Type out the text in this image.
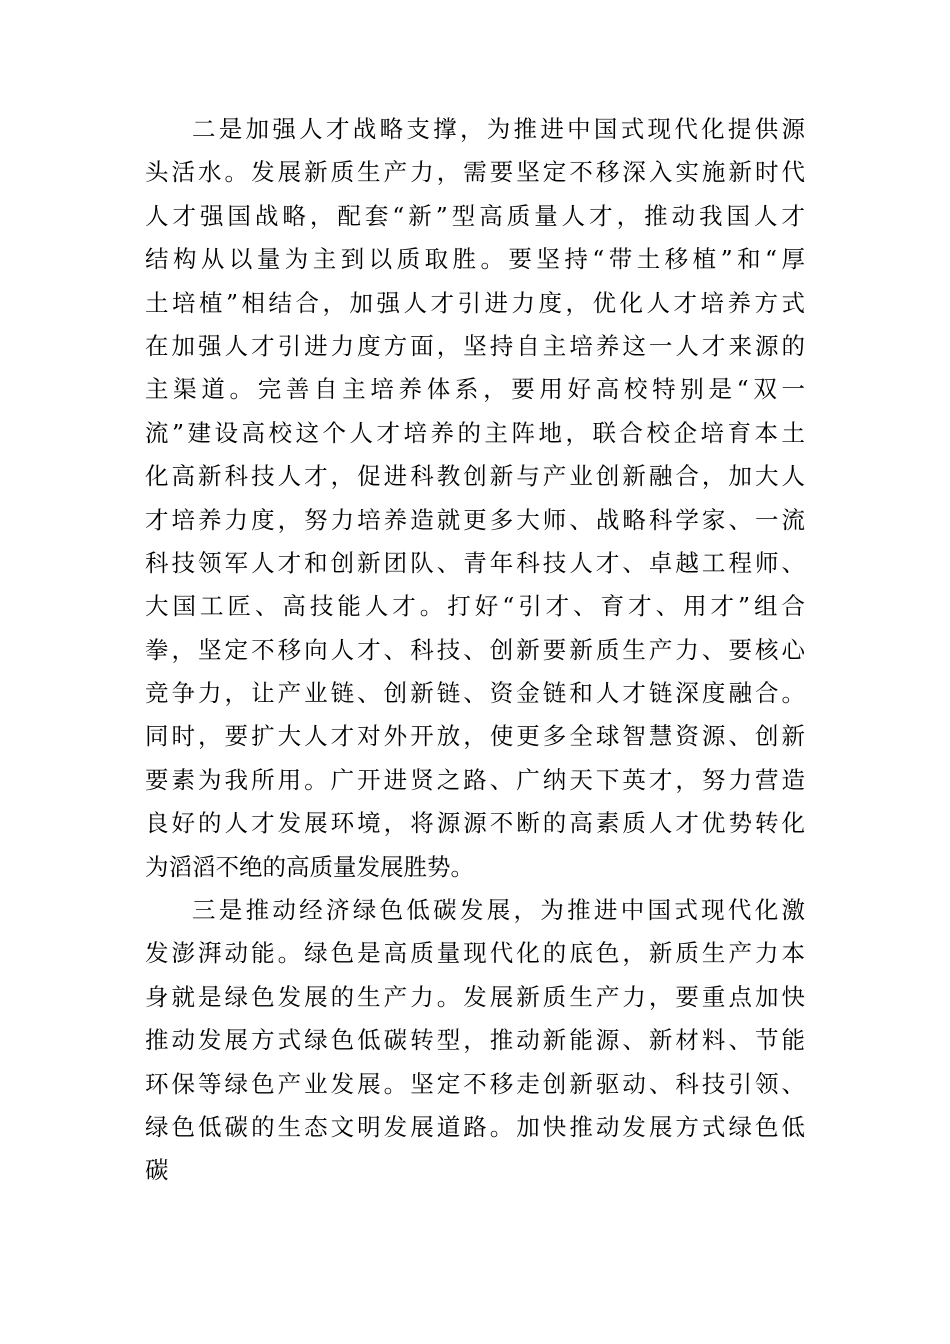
二是加强人才战略支撑，为推进中国式现代化提供源
头活水。发展新质生产力，需要坚定不移深入实施新时代
人才强国战略，配套“新”型高质量人才，推动我国人才
结构从以量为主到以质取胜。要坚持“带土移植”和“厚
土培植”相结合，加强人才引进力度，优化人才培养方式
在加强人才引进力度方面，坚持自主培养这一人才来源的
主渠道。完善自主培养体系，要用好高校特别是“双一
流”建设高校这个人才培养的主阵地，联合校企培育本土
化高新科技人才，促进科教创新与产业创新融合，加大人
才培养力度，努力培养造就更多大师、战略科学家、一流
科技领军人才和创新团队、青年科技人才、卓越工程师、
大国工匠、高技能人才。打好“引才、育才、用才”组合
拳，坚定不移向人才、科技、创新要新质生产力、要核心
竞争力，让产业链、创新链、资金链和人才链深度融合。
同时，要扩大人才对外开放，使更多全球智慧资源、创新
要素为我所用。广开进贤之路、广纳天下英才，努力营造
良好的人才发展环境，将源源不断的高素质人才优势转化
为滔滔不绝的高质量发展胜势。
三是推动经济绿色低碳发展，为推进中国式现代化激
发澎湃动能。绿色是高质量现代化的底色，新质生产力本
身就是绿色发展的生产力。发展新质生产力，要重点加快
推动发展方式绿色低碳转型，推动新能源、新材料、节能
环保等绿色产业发展。坚定不移走创新驱动、科技引领、
绿色低碳的生态文明发展道路。加快推动发展方式绿色低
碳
